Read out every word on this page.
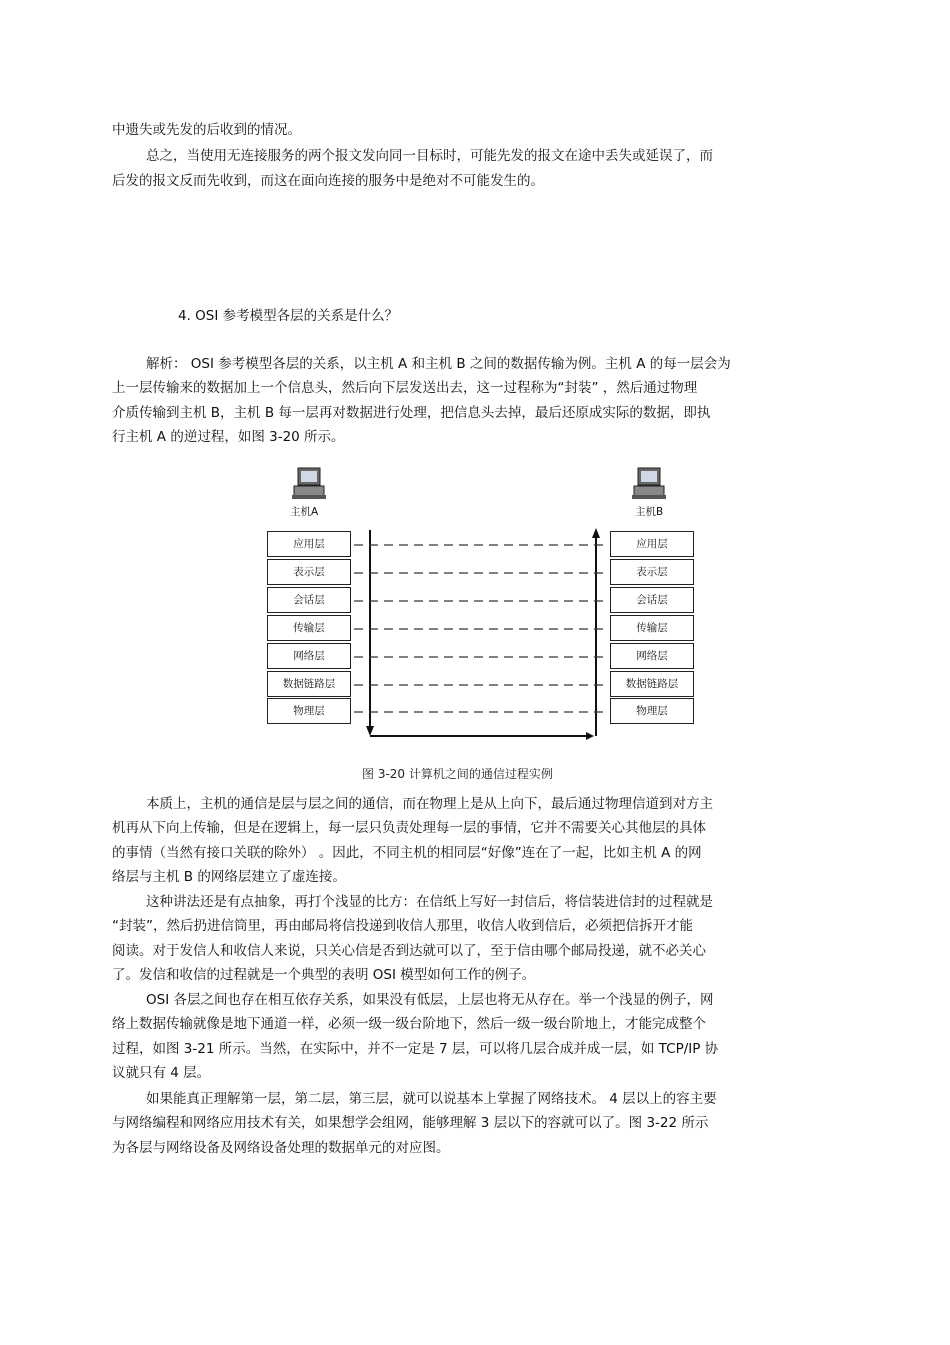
中遗失或先发的后收到的情况。
总之，当使用无连接服务的两个报文发向同一目标时，可能先发的报文在途中丢失或延误了，而
后发的报文反而先收到，而这在面向连接的服务中是绝对不可能发生的。
4. OSI 参考模型各层的关系是什么？
解析： OSI 参考模型各层的关系，以主机 A 和主机 B 之间的数据传输为例。主机 A 的每一层会为
上一层传输来的数据加上一个信息头，然后向下层发送出去，这一过程称为“封装” ，然后通过物理
介质传输到主机 B，主机 B 每一层再对数据进行处理，把信息头去掉，最后还原成实际的数据，即执
行主机 A 的逆过程，如图 3-20 所示。
主机A	主机B
应用层
表示层
会话层
传输层
网络层
数据链路层
物理层
应用层
表示层
会话层
传输层
网络层
数据链路层
物理层
图 3-20 计算机之间的通信过程实例
本质上，主机的通信是层与层之间的通信，而在物理上是从上向下，最后通过物理信道到对方主
机再从下向上传输，但是在逻辑上，每一层只负责处理每一层的事情，它并不需要关心其他层的具体
的事情（当然有接口关联的除外） 。因此，不同主机的相同层“好像”连在了一起，比如主机 A 的网
络层与主机 B 的网络层建立了虚连接。
这种讲法还是有点抽象，再打个浅显的比方：在信纸上写好一封信后，将信装进信封的过程就是
“封装”，然后扔进信筒里，再由邮局将信投递到收信人那里，收信人收到信后，必须把信拆开才能
阅读。对于发信人和收信人来说，只关心信是否到达就可以了，至于信由哪个邮局投递，就不必关心
了。发信和收信的过程就是一个典型的表明 OSI 模型如何工作的例子。
OSI 各层之间也存在相互依存关系，如果没有低层，上层也将无从存在。举一个浅显的例子，网
络上数据传输就像是地下通道一样，必须一级一级台阶地下，然后一级一级台阶地上，才能完成整个
过程，如图 3-21 所示。当然，在实际中，并不一定是 7 层，可以将几层合成并成一层，如 TCP/IP 协
议就只有 4 层。
如果能真正理解第一层，第二层，第三层，就可以说基本上掌握了网络技术。 4 层以上的容主要
与网络编程和网络应用技术有关，如果想学会组网，能够理解 3 层以下的容就可以了。图 3-22 所示
为各层与网络设备及网络设备处理的数据单元的对应图。
